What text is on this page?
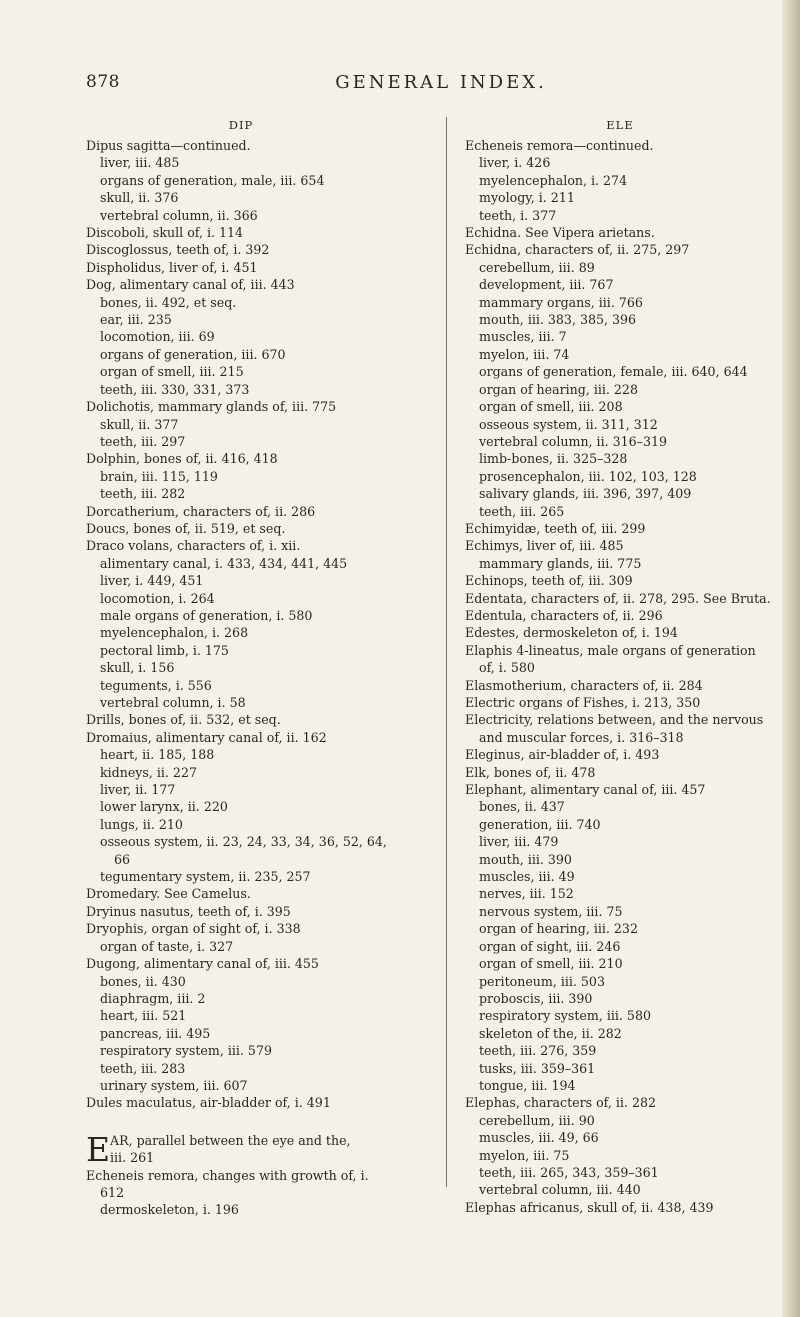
878	GENERAL INDEX.
DIP
Dipus sagitta—continued.
liver, iii. 485
organs of generation, male, iii. 654
skull, ii. 376
vertebral column, ii. 366
Discoboli, skull of, i. 114
Discoglossus, teeth of, i. 392
Dispholidus, liver of, i. 451
Dog, alimentary canal of, iii. 443
bones, ii. 492, et seq.
ear, iii. 235
locomotion, iii. 69
organs of generation, iii. 670
organ of smell, iii. 215
teeth, iii. 330, 331, 373
Dolichotis, mammary glands of, iii. 775
skull, ii. 377
teeth, iii. 297
Dolphin, bones of, ii. 416, 418
brain, iii. 115, 119
teeth, iii. 282
Dorcatherium, characters of, ii. 286
Doucs, bones of, ii. 519, et seq.
Draco volans, characters of, i. xii.
alimentary canal, i. 433, 434, 441, 445
liver, i. 449, 451
locomotion, i. 264
male organs of generation, i. 580
myelencephalon, i. 268
pectoral limb, i. 175
skull, i. 156
teguments, i. 556
vertebral column, i. 58
Drills, bones of, ii. 532, et seq.
Dromaius, alimentary canal of, ii. 162
heart, ii. 185, 188
kidneys, ii. 227
liver, ii. 177
lower larynx, ii. 220
lungs, ii. 210
osseous system, ii. 23, 24, 33, 34, 36, 52, 64, 66
tegumentary system, ii. 235, 257
Dromedary. See Camelus.
Dryinus nasutus, teeth of, i. 395
Dryophis, organ of sight of, i. 338
organ of taste, i. 327
Dugong, alimentary canal of, iii. 455
bones, ii. 430
diaphragm, iii. 2
heart, iii. 521
pancreas, iii. 495
respiratory system, iii. 579
teeth, iii. 283
urinary system, iii. 607
Dules maculatus, air-bladder of, i. 491
E AR, parallel between the eye and the,
iii. 261
Echeneis remora, changes with growth of, i. 612
dermoskeleton, i. 196
ELE
Echeneis remora—continued.
liver, i. 426
myelencephalon, i. 274
myology, i. 211
teeth, i. 377
Echidna. See Vipera arietans.
Echidna, characters of, ii. 275, 297
cerebellum, iii. 89
development, iii. 767
mammary organs, iii. 766
mouth, iii. 383, 385, 396
muscles, iii. 7
myelon, iii. 74
organs of generation, female, iii. 640, 644
organ of hearing, iii. 228
organ of smell, iii. 208
osseous system, ii. 311, 312
vertebral column, ii. 316–319
limb-bones, ii. 325–328
prosencephalon, iii. 102, 103, 128
salivary glands, iii. 396, 397, 409
teeth, iii. 265
Echimyidæ, teeth of, iii. 299
Echimys, liver of, iii. 485
mammary glands, iii. 775
Echinops, teeth of, iii. 309
Edentata, characters of, ii. 278, 295. See Bruta.
Edentula, characters of, ii. 296
Edestes, dermoskeleton of, i. 194
Elaphis 4-lineatus, male organs of generation of, i. 580
Elasmotherium, characters of, ii. 284
Electric organs of Fishes, i. 213, 350
Electricity, relations between, and the nervous and muscular forces, i. 316–318
Eleginus, air-bladder of, i. 493
Elk, bones of, ii. 478
Elephant, alimentary canal of, iii. 457
bones, ii. 437
generation, iii. 740
liver, iii. 479
mouth, iii. 390
muscles, iii. 49
nerves, iii. 152
nervous system, iii. 75
organ of hearing, iii. 232
organ of sight, iii. 246
organ of smell, iii. 210
peritoneum, iii. 503
proboscis, iii. 390
respiratory system, iii. 580
skeleton of the, ii. 282
teeth, iii. 276, 359
tusks, iii. 359–361
tongue, iii. 194
Elephas, characters of, ii. 282
cerebellum, iii. 90
muscles, iii. 49, 66
myelon, iii. 75
teeth, iii. 265, 343, 359–361
vertebral column, iii. 440
Elephas africanus, skull of, ii. 438, 439
